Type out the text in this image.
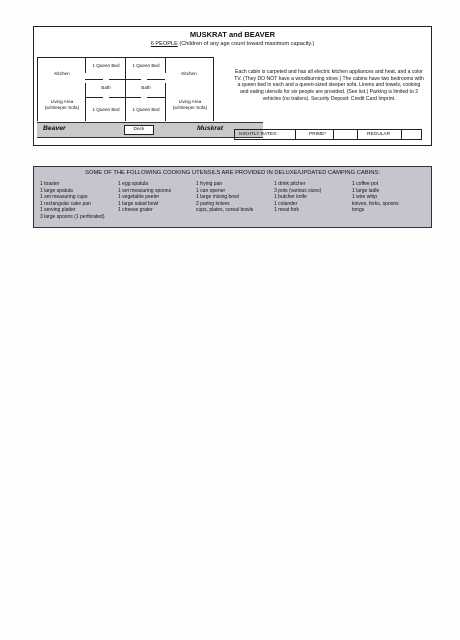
MUSKRAT and BEAVER
6 PEOPLE (Children of any age count toward maximum capacity.)
Kitchen
1 Queen Bed	1 Queen Bed
Kitchen
Bath	Bath
Living Area
(w/Sleeper Sofa)
Living Area
(w/Sleeper Sofa)
1 Queen Bed	1 Queen Bed
Beaver	Deck	Muskrat
Each cabin is carpeted and has all electric kitchen appliances and heat, and a color TV. (They DO NOT have a woodburning stove.) The cabins have two bedrooms with a queen bed in each and a queen-sized sleeper sofa. Linens and towels, cooking and eating utensils for six people are provided. (See list.) Parking is limited to 2 vehicles (no trailers). Security Deposit: Credit Card Imprint.
NIGHTLY RATES:	PRIME*	REGULAR
SOME OF THE FOLLOWING COOKING UTENSILS ARE PROVIDED IN DELUXE/UPDATED CAMPING CABINS:
1 toaster
1 large spatula
1 set measuring cups
1 rectangular cake pan
1 serving platter
3 large spoons (1 perforated)
1 egg spatula
1 set measuring spoons
1 vegetable peeler
1 large salad bowl
1 cheese grater
1 frying pan
1 can opener
1 large mixing bowl
2 paring knives
cups, plates, cereal bowls
1 drink pitcher
3 pots (various sizes)
1 butcher knife
1 colander
1 meat fork
1 coffee pot
1 large ladle
1 wire whip
knives, forks, spoons
tongs
